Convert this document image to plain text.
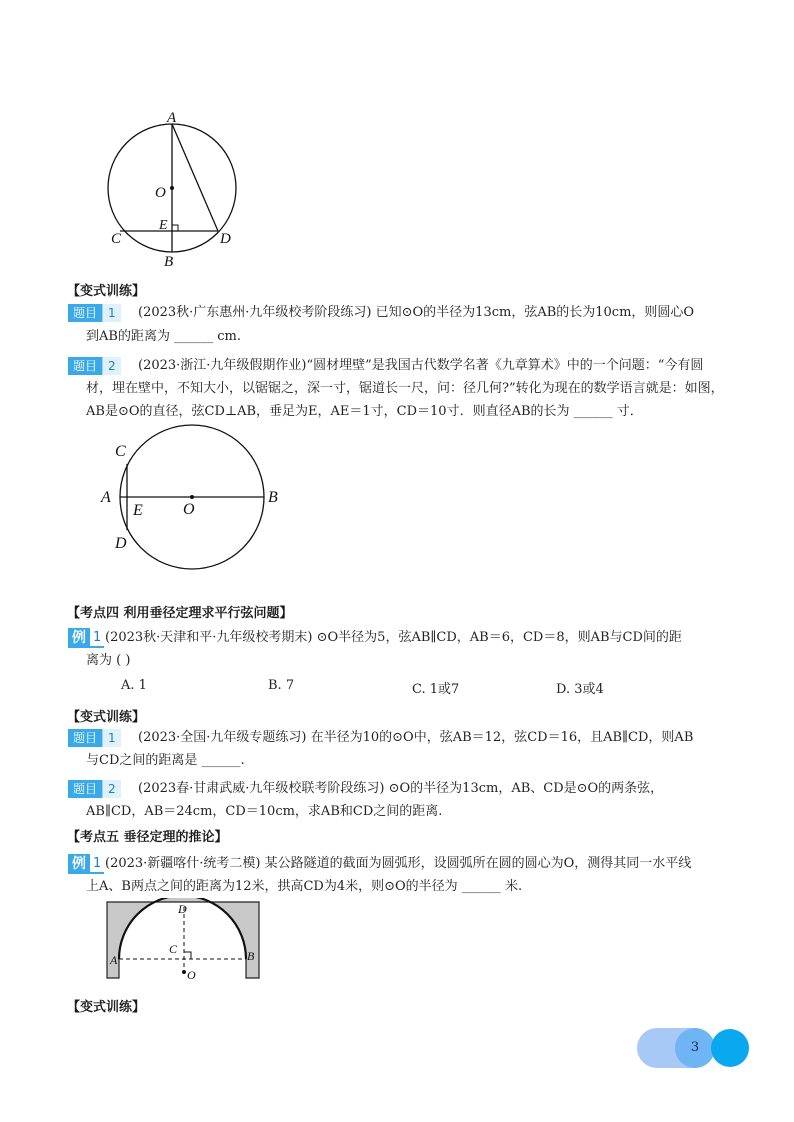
A
O
E
C	D
B
【变式训练】
题目 1	(2023秋·广东惠州·九年级校考阶段练习) 已知⊙O的半径为13cm，弦AB的长为10cm，则圆心O
到AB的距离为 ______ cm.
题目 2	(2023·浙江·九年级假期作业)“圆材埋壁”是我国古代数学名著《九章算术》中的一个问题：“今有圆
材，埋在壁中，不知大小，以锯锯之，深一寸，锯道长一尺，问：径几何?”转化为现在的数学语言就是：如图，
AB是⊙O的直径，弦CD⊥AB，垂足为E，AE＝1寸，CD＝10寸．则直径AB的长为 ______ 寸．
C
A
E	O
B
D
【考点四 利用垂径定理求平行弦问题】
例 1 (2023秋·天津和平·九年级校考期末) ⊙O半径为5，弦AB∥CD，AB＝6，CD＝8，则AB与CD间的距
离为 ( )
A. 1	B. 7	C. 1或7	D. 3或4
【变式训练】
题目 1	(2023·全国·九年级专题练习) 在半径为10的⊙O中，弦AB＝12，弦CD＝16，且AB∥CD，则AB
与CD之间的距离是 ______.
题目 2	(2023春·甘肃武威·九年级校联考阶段练习) ⊙O的半径为13cm，AB、CD是⊙O的两条弦，
AB∥CD，AB＝24cm，CD＝10cm，求AB和CD之间的距离.
【考点五 垂径定理的推论】
例 1 (2023·新疆喀什·统考二模) 某公路隧道的截面为圆弧形，设圆弧所在圆的圆心为O，测得其同一水平线
上A、B两点之间的距离为12米，拱高CD为4米，则⊙O的半径为 ______ 米.
D
C
A	B
O
【变式训练】
3
